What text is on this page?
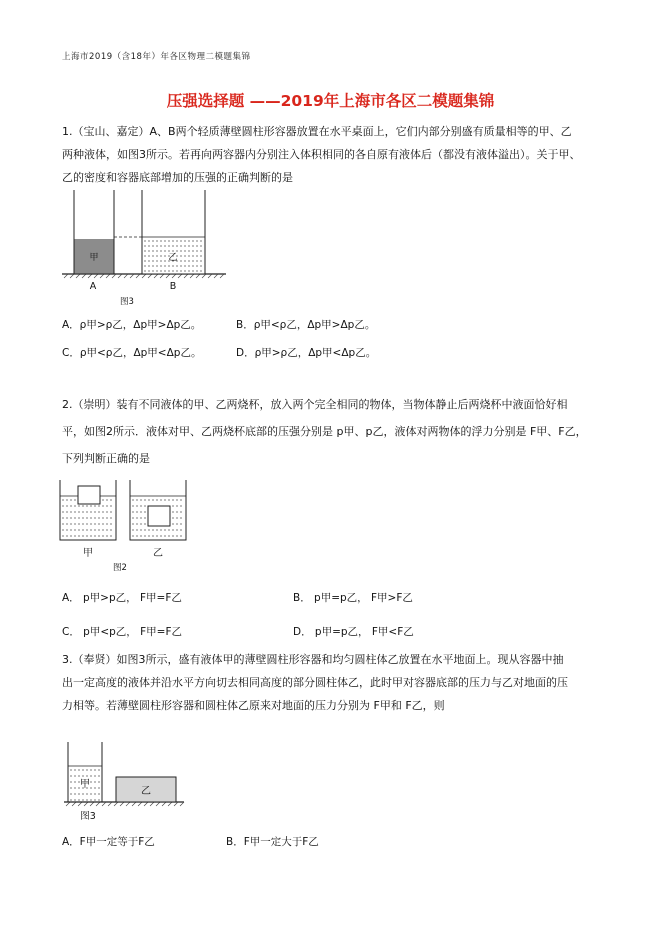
上海市2019（含18年）年各区物理二模题集锦
压强选择题 ——2019年上海市各区二模题集锦
1.（宝山、嘉定）A、B两个轻质薄壁圆柱形容器放置在水平桌面上，它们内部分别盛有质量相等的甲、乙
两种液体，如图3所示。若再向两容器内分别注入体积相同的各自原有液体后（都没有液体溢出）。关于甲、
乙的密度和容器底部增加的压强的正确判断的是
甲	乙
A	B
图3
A．ρ甲>ρ乙，Δp甲>Δp乙。	B．ρ甲<ρ乙，Δp甲>Δp乙。
C．ρ甲<ρ乙，Δp甲<Δp乙。	D．ρ甲>ρ乙，Δp甲<Δp乙。
2.（崇明）装有不同液体的甲、乙两烧杯，放入两个完全相同的物体，当物体静止后两烧杯中液面恰好相
平，如图2所示．液体对甲、乙两烧杯底部的压强分别是 p甲、p乙，液体对两物体的浮力分别是 F甲、F乙，
下列判断正确的是
甲	乙
图2
A． p甲>p乙， F甲=F乙	B． p甲=p乙， F甲>F乙
C． p甲<p乙， F甲=F乙	D． p甲=p乙， F甲<F乙
3.（奉贤）如图3所示，盛有液体甲的薄壁圆柱形容器和均匀圆柱体乙放置在水平地面上。现从容器中抽
出一定高度的液体并沿水平方向切去相同高度的部分圆柱体乙，此时甲对容器底部的压力与乙对地面的压
力相等。若薄壁圆柱形容器和圆柱体乙原来对地面的压力分别为 F甲和 F乙，则
甲
乙
图3
A．F甲一定等于F乙	B．F甲一定大于F乙
